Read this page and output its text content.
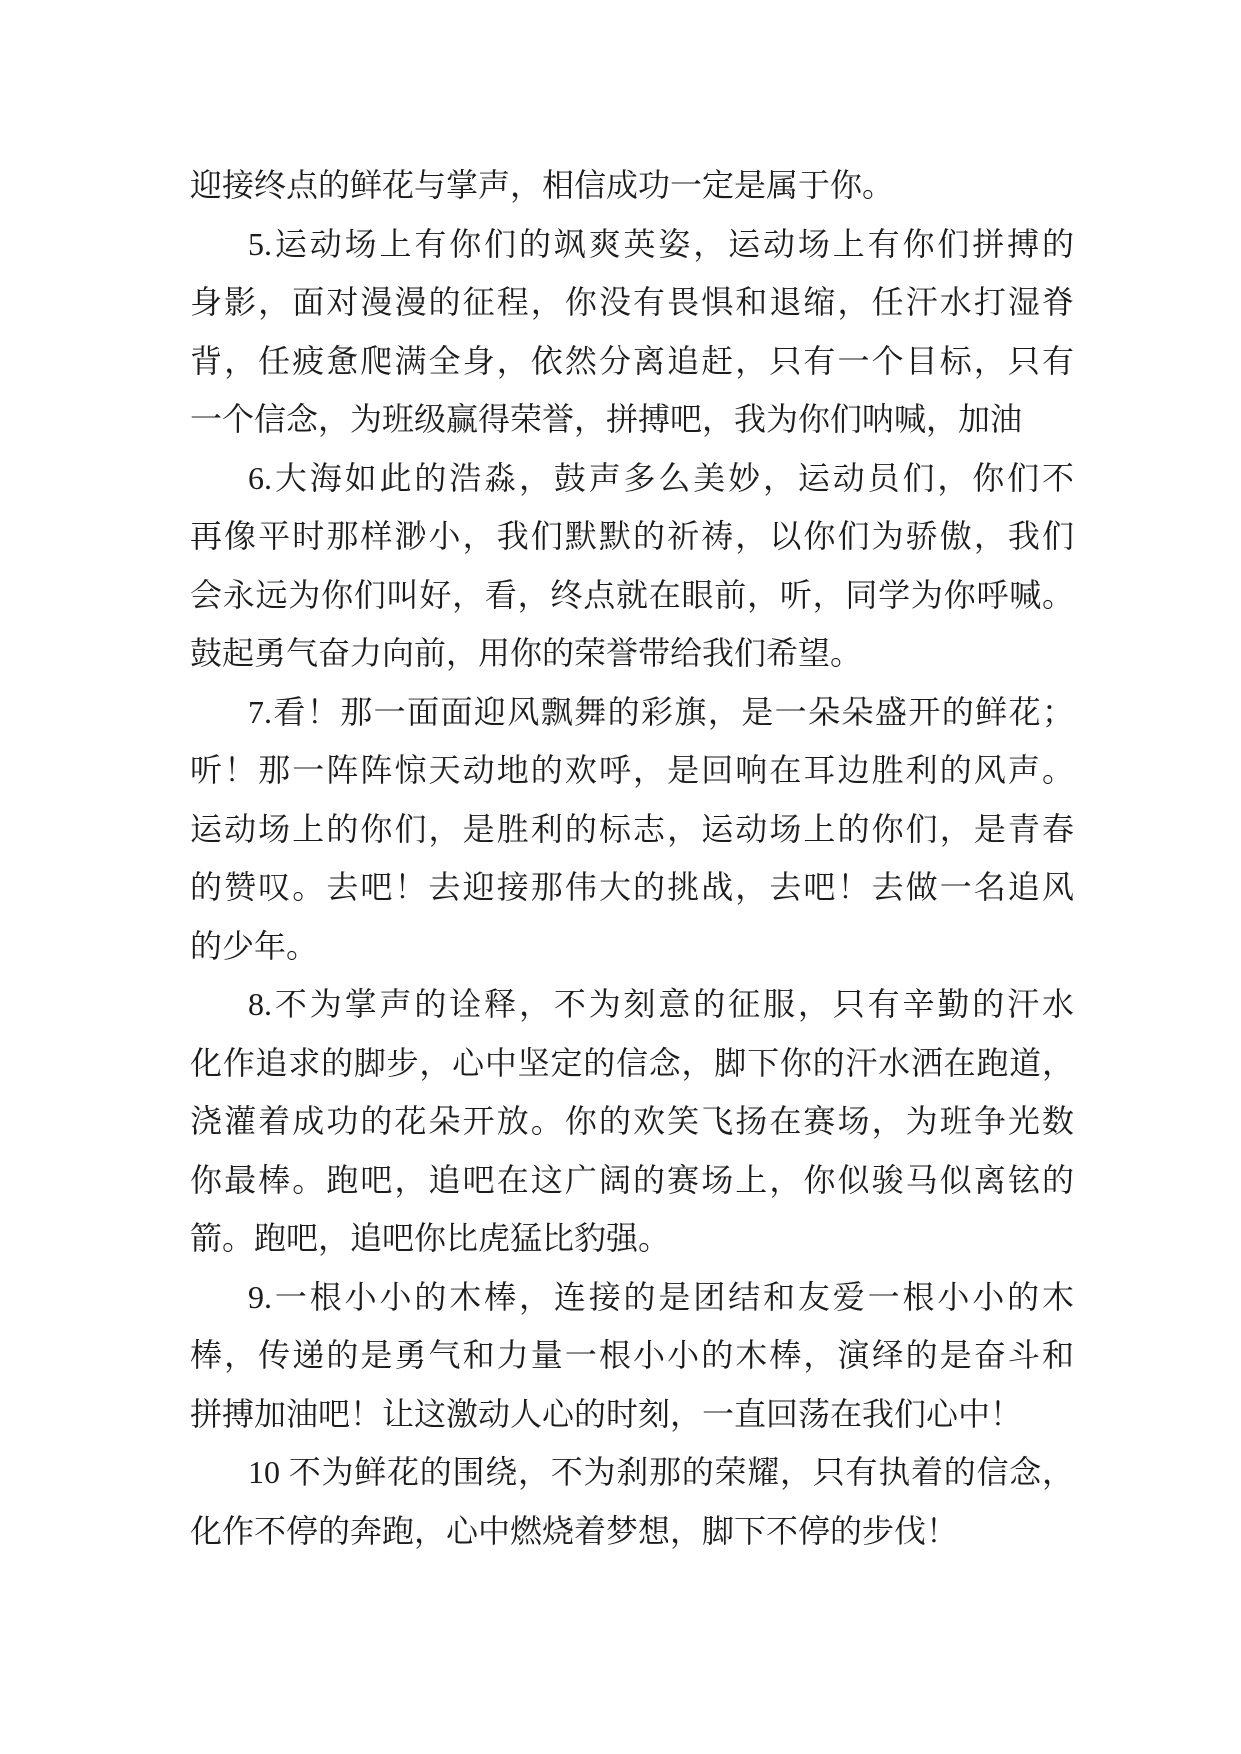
迎接终点的鲜花与掌声，相信成功一定是属于你。

5.运动场上有你们的飒爽英姿，运动场上有你们拼搏的
身影，面对漫漫的征程，你没有畏惧和退缩，任汗水打湿脊
背，任疲惫爬满全身，依然分离追赶，只有一个目标，只有
一个信念，为班级赢得荣誉，拼搏吧，我为你们呐喊，加油

6.大海如此的浩淼，鼓声多么美妙，运动员们，你们不
再像平时那样渺小，我们默默的祈祷，以你们为骄傲，我们
会永远为你们叫好，看，终点就在眼前，听，同学为你呼喊。
鼓起勇气奋力向前，用你的荣誉带给我们希望。

7.看！那一面面迎风飘舞的彩旗，是一朵朵盛开的鲜花；
听！那一阵阵惊天动地的欢呼，是回响在耳边胜利的风声。
运动场上的你们，是胜利的标志，运动场上的你们，是青春
的赞叹。去吧！去迎接那伟大的挑战，去吧！去做一名追风
的少年。

8.不为掌声的诠释，不为刻意的征服，只有辛勤的汗水
化作追求的脚步，心中坚定的信念，脚下你的汗水洒在跑道，
浇灌着成功的花朵开放。你的欢笑飞扬在赛场，为班争光数
你最棒。跑吧，追吧在这广阔的赛场上，你似骏马似离铉的
箭。跑吧，追吧你比虎猛比豹强。

9.一根小小的木棒，连接的是团结和友爱一根小小的木
棒，传递的是勇气和力量一根小小的木棒，演绎的是奋斗和
拼搏加油吧！让这激动人心的时刻，一直回荡在我们心中！

10 不为鲜花的围绕，不为刹那的荣耀，只有执着的信念，
化作不停的奔跑，心中燃烧着梦想，脚下不停的步伐！
